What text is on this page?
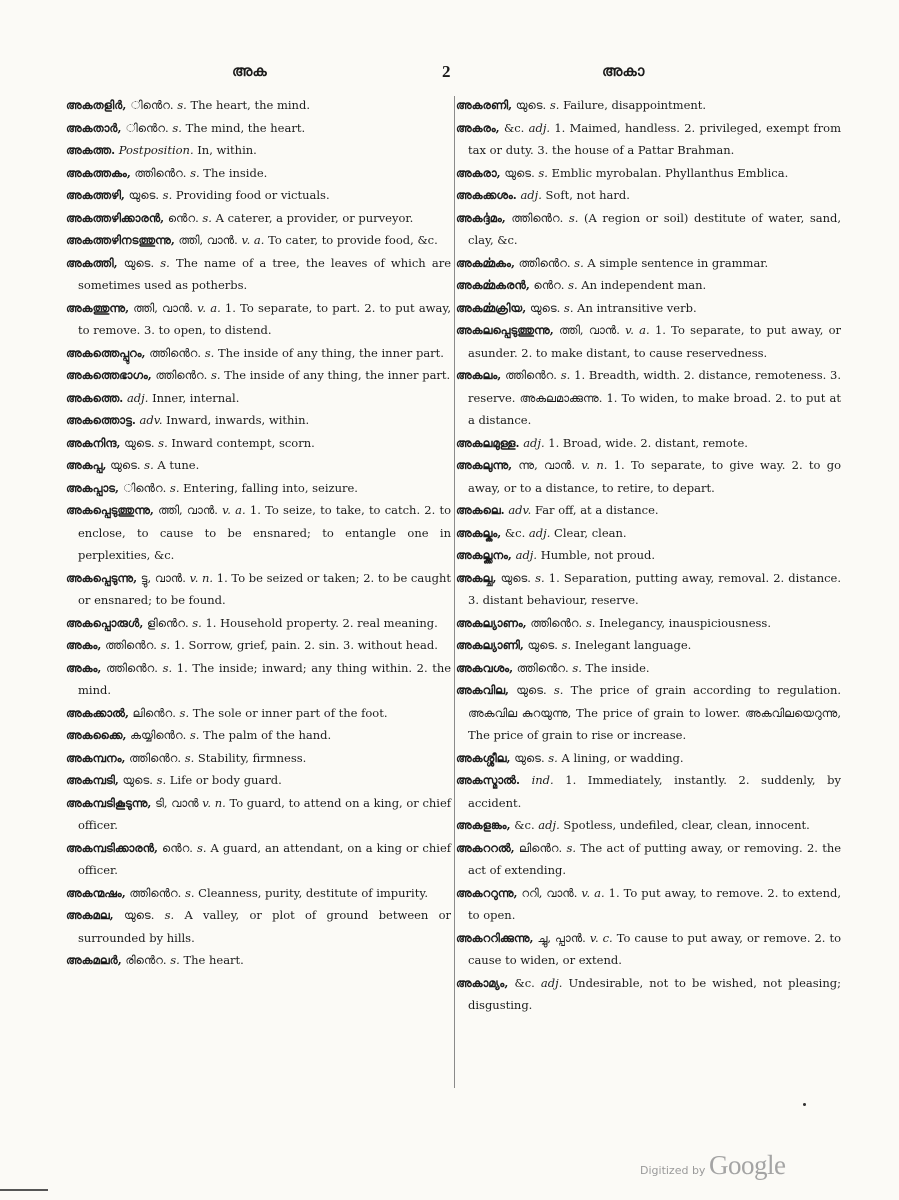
അക	2	അകാ
അകതളിർ, ിൻെറ. s. The heart, the mind.
അകതാർ, ിൻെറ. s. The mind, the heart.
അകത്ത. Postposition. In, within.
അകത്തകം, ത്തിൻെറ. s. The inside.
അകത്തഴി, യുടെ. s. Providing food or victuals.
അകത്തഴിക്കാരൻ, ൻെറ. s. A caterer, a provider, or purveyor.
അകത്തഴിനടത്തുന്നു, ത്തി, വാൻ. v. a. To cater, to provide food, &c.
അകത്തി, യുടെ. s. The name of a tree, the leaves of which are sometimes used as potherbs.
അകത്തുന്നു, ത്തി, വാൻ. v. a. 1. To separate, to part. 2. to put away, to remove. 3. to open, to distend.
അകത്തെപ്പുറം, ത്തിൻെറ. s. The inside of any thing, the inner part.
അകത്തെഭാഗം, ത്തിൻെറ. s. The inside of any thing, the inner part.
അകത്തെ. adj. Inner, internal.
അകത്തൊട്ട. adv. Inward, inwards, within.
അകനിന്ദ, യുടെ. s. Inward contempt, scorn.
അകപ്പ, യുടെ. s. A tune.
അകപ്പാട, ിൻെറ. s. Entering, falling into, seizure.
അകപ്പെടുത്തുന്നു, ത്തി, വാൻ. v. a. 1. To seize, to take, to catch. 2. to enclose, to cause to be ensnared; to entangle one in perplexities, &c.
അകപ്പെടുന്നു, ട്ടു, വാൻ. v. n. 1. To be seized or taken; 2. to be caught or ensnared; to be found.
അകപ്പൊരുൾ, ളിൻെറ. s. 1. Household property. 2. real meaning.
അകം, ത്തിൻെറ. s. 1. Sorrow, grief, pain. 2. sin. 3. without head.
അകം, ത്തിൻെറ. s. 1. The inside; inward; any thing within. 2. the mind.
അകക്കാൽ, ലിൻെറ. s. The sole or inner part of the foot.
അകക്കൈ, കയ്യിൻെറ. s. The palm of the hand.
അകമ്പനം, ത്തിൻെറ. s. Stability, firmness.
അകമ്പടി, യുടെ. s. Life or body guard.
അകമ്പടികൂടുന്നു, ടി, വാൻ v. n. To guard, to attend on a king, or chief officer.
അകമ്പടിക്കാരൻ, ൻെറ. s. A guard, an attendant, on a king or chief officer.
അകന്മഷം, ത്തിൻെറ. s. Cleanness, purity, destitute of impurity.
അകമല, യുടെ. s. A valley, or plot of ground between or surrounded by hills.
അകമലർ, രിൻെറ. s. The heart.
അകരണി, യുടെ. s. Failure, disappointment.
അകരം, &c. adj. 1. Maimed, handless. 2. privileged, exempt from tax or duty. 3. the house of a Pattar Brahman.
അകരാ, യുടെ. s. Emblic myrobalan. Phyllanthus Emblica.
അകക്കശം. adj. Soft, not hard.
അകൎദ്ദമം, ത്തിൻെറ. s. (A region or soil) destitute of water, sand, clay, &c.
അകൎമ്മകം, ത്തിൻെറ. s. A simple sentence in grammar.
അകൎമ്മകരൻ, ൻെറ. s. An independent man.
അകൎമ്മക്രിയ, യുടെ. s. An intransitive verb.
അകലപ്പെടുത്തുന്നു, ത്തി, വാൻ. v. a. 1. To separate, to put away, or asunder. 2. to make distant, to cause reservedness.
അകലം, ത്തിൻെറ. s. 1. Breadth, width. 2. distance, remoteness. 3. reserve. അകലമാക്കുന്നു. 1. To widen, to make broad. 2. to put at a distance.
അകലമുള്ള. adj. 1. Broad, wide. 2. distant, remote.
അകലുന്നു, ന്നു, വാൻ. v. n. 1. To separate, to give way. 2. to go away, or to a distance, to retire, to depart.
അകലെ. adv. Far off, at a distance.
അകല്കം, &c. adj. Clear, clean.
അകല്ക്കനം, adj. Humble, not proud.
അകല്ച, യുടെ. s. 1. Separation, putting away, removal. 2. distance. 3. distant behaviour, reserve.
അകല്യാണം, ത്തിൻെറ. s. Inelegancy, inauspiciousness.
അകല്യാണി, യുടെ. s. Inelegant language.
അകവശം, ത്തിൻെറ. s. The inside.
അകവില, യുടെ. s. The price of grain according to regulation. അകവില കുറയുന്നു, The price of grain to lower. അകവിലയെറുന്നു, The price of grain to rise or increase.
അകശ്ശീല, യുടെ. s. A lining, or wadding.
അകസ്മാൽ. ind. 1. Immediately, instantly. 2. suddenly, by accident.
അകളങ്കം, &c. adj. Spotless, undefiled, clear, clean, innocent.
അകററൽ, ലിൻെറ. s. The act of putting away, or removing. 2. the act of extending.
അകററുന്നു, ററി, വാൻ. v. a. 1. To put away, to remove. 2. to extend, to open.
അകററിക്കുന്നു, ച്ചു, പ്പാൻ. v. c. To cause to put away, or remove. 2. to cause to widen, or extend.
അകാമ്യം, &c. adj. Undesirable, not to be wished, not pleasing; disgusting.
Digitized by Google
